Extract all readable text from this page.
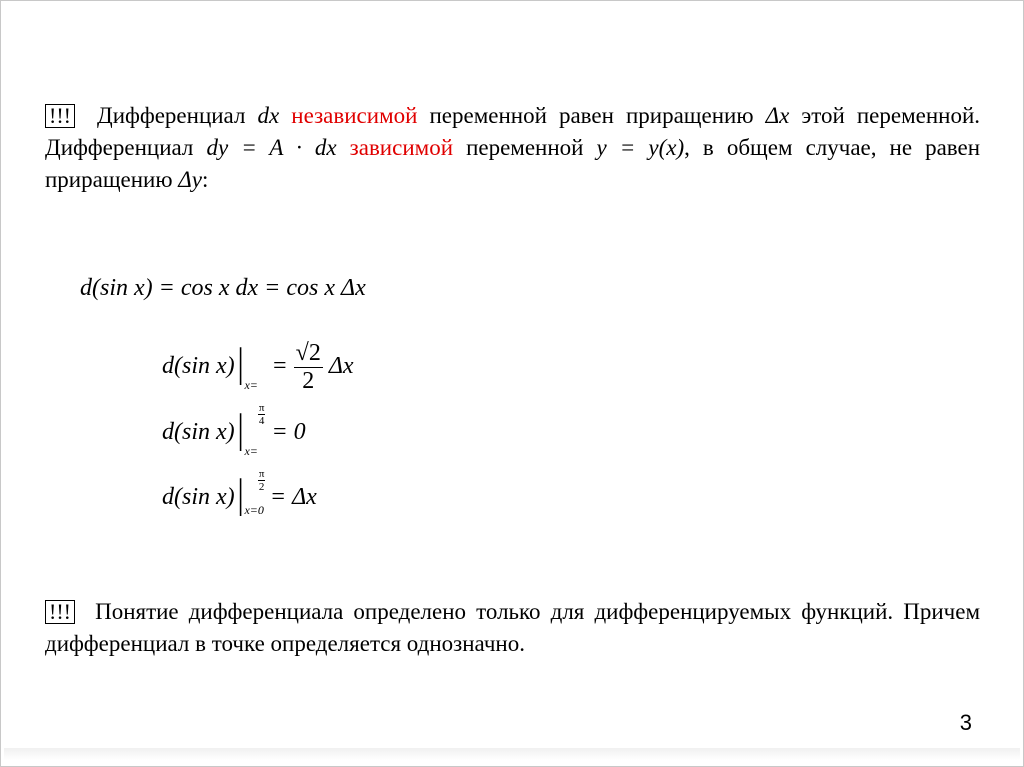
!!! Дифференциал dx независимой переменной равен приращению Δx этой переменной. Дифференциал dy = A · dx зависимой переменной y = y(x), в общем случае, не равен приращению Δy:

d(sin x) = cos x dx = cos x Δx
d(sin x)|x=
$\frac{\pi}{4}$
= $\frac{√2}{2}$ Δx
d(sin x)|x=
$\frac{\pi}{2}$
= 0
d(sin x)|x=0 = Δx

!!! Понятие дифференциала определено только для дифференцируемых функций. Причем дифференциал в точке определяется однозначно.

3
